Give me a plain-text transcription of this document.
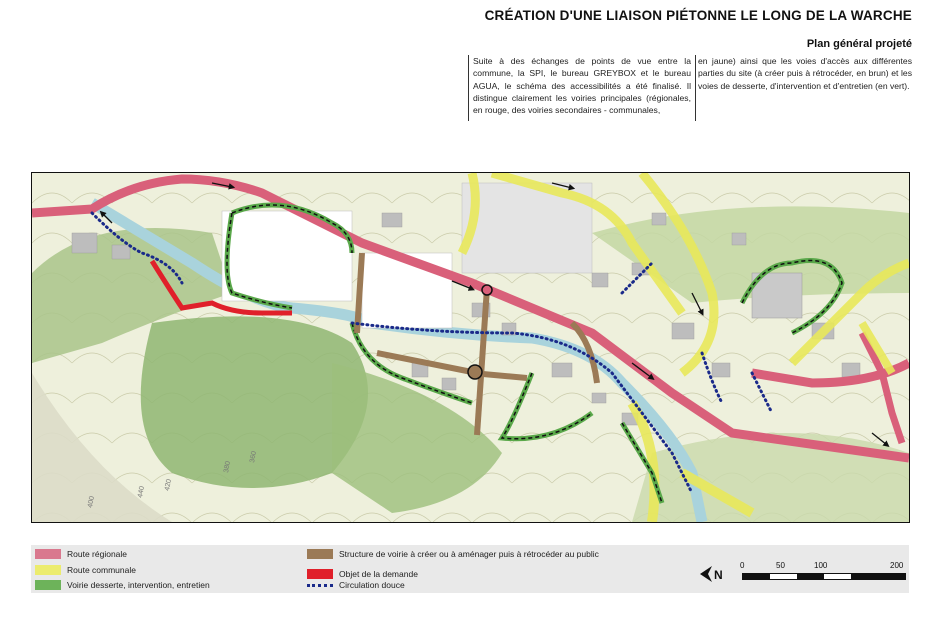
CRÉATION D'UNE LIAISON PIÉTONNE LE LONG DE LA WARCHE
Plan général projeté
Suite à des échanges de points de vue entre la commune, la SPI, le bureau GREYBOX et le bureau AGUA, le schéma des accessibilités a été finalisé. Il distingue clairement les voiries principales (régionales, en rouge, des voiries secondaires - communales,
en jaune) ainsi que les voies d'accès aux différentes parties du site (à créer puis à rétrocéder, en brun) et les voies de desserte, d'intervention et d'entretien (en vert).
380
360
420
440
400
Route régionale
Route communale
Voirie desserte, intervention, entretien
Structure de voirie à créer ou à aménager puis à rétrocéder au public
Objet de la demande
Circulation douce
N
0	50	100	200
